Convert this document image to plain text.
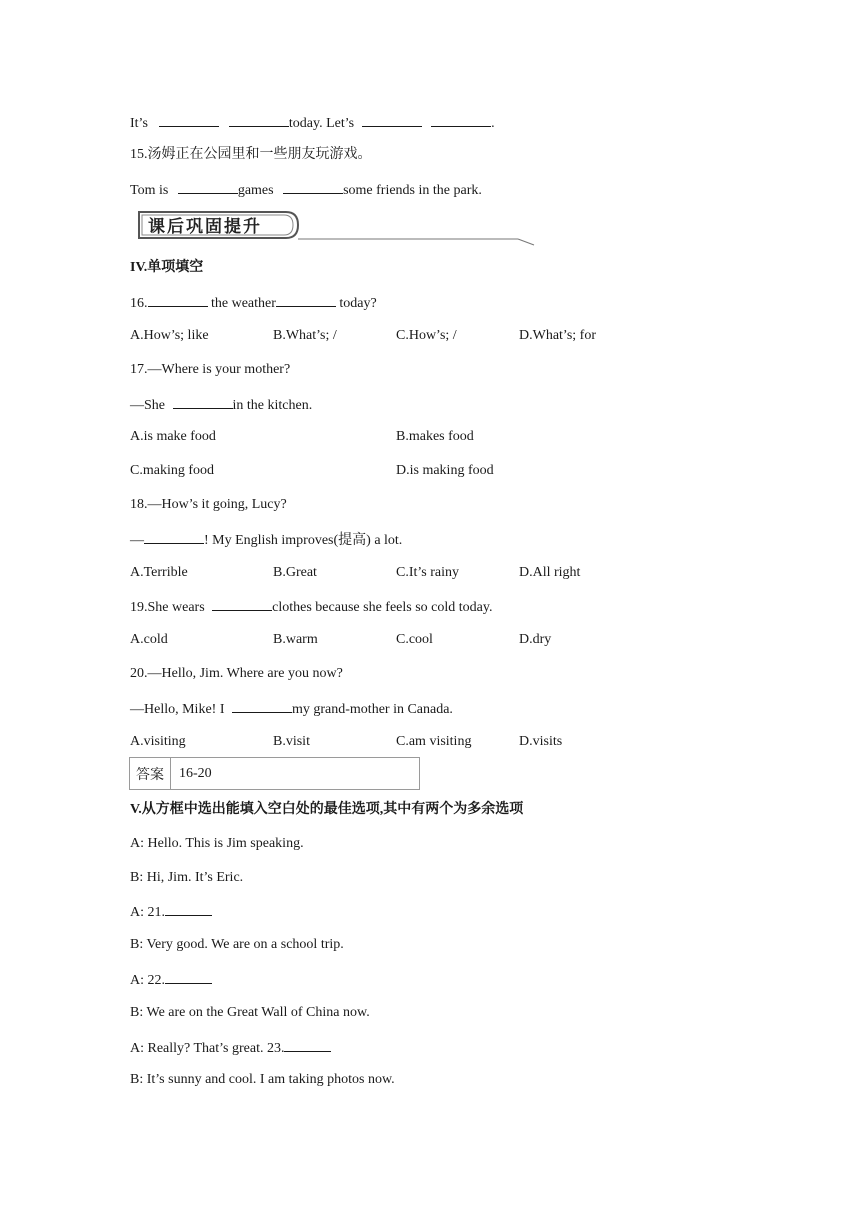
It’s	today. Let’s	.
15.汤姆正在公园里和一些朋友玩游戏。
Tom is	games	some friends in the park.
课后巩固提升
IV.单项填空
16.	the weather	today?
A.How’s; like	B.What’s; /	C.How’s; /	D.What’s; for
17.—Where is your mother?
—She	in the kitchen.
A.is make food	B.makes food
C.making food	D.is making food
18.—How’s it going, Lucy?
—	! My English improves(提高) a lot.
A.Terrible	B.Great	C.It’s rainy	D.All right
19.She wears	clothes because she feels so cold today.
A.cold	B.warm	C.cool	D.dry
20.—Hello, Jim. Where are you now?
—Hello, Mike! I	my grand-mother in Canada.
A.visiting	B.visit	C.am visiting	D.visits
答案	16-20
V.从方框中选出能填入空白处的最佳选项,其中有两个为多余选项
A: Hello. This is Jim speaking.
B: Hi, Jim. It’s Eric.
A: 21.
B: Very good. We are on a school trip.
A: 22.
B: We are on the Great Wall of China now.
A: Really? That’s great. 23.
B: It’s sunny and cool. I am taking photos now.
